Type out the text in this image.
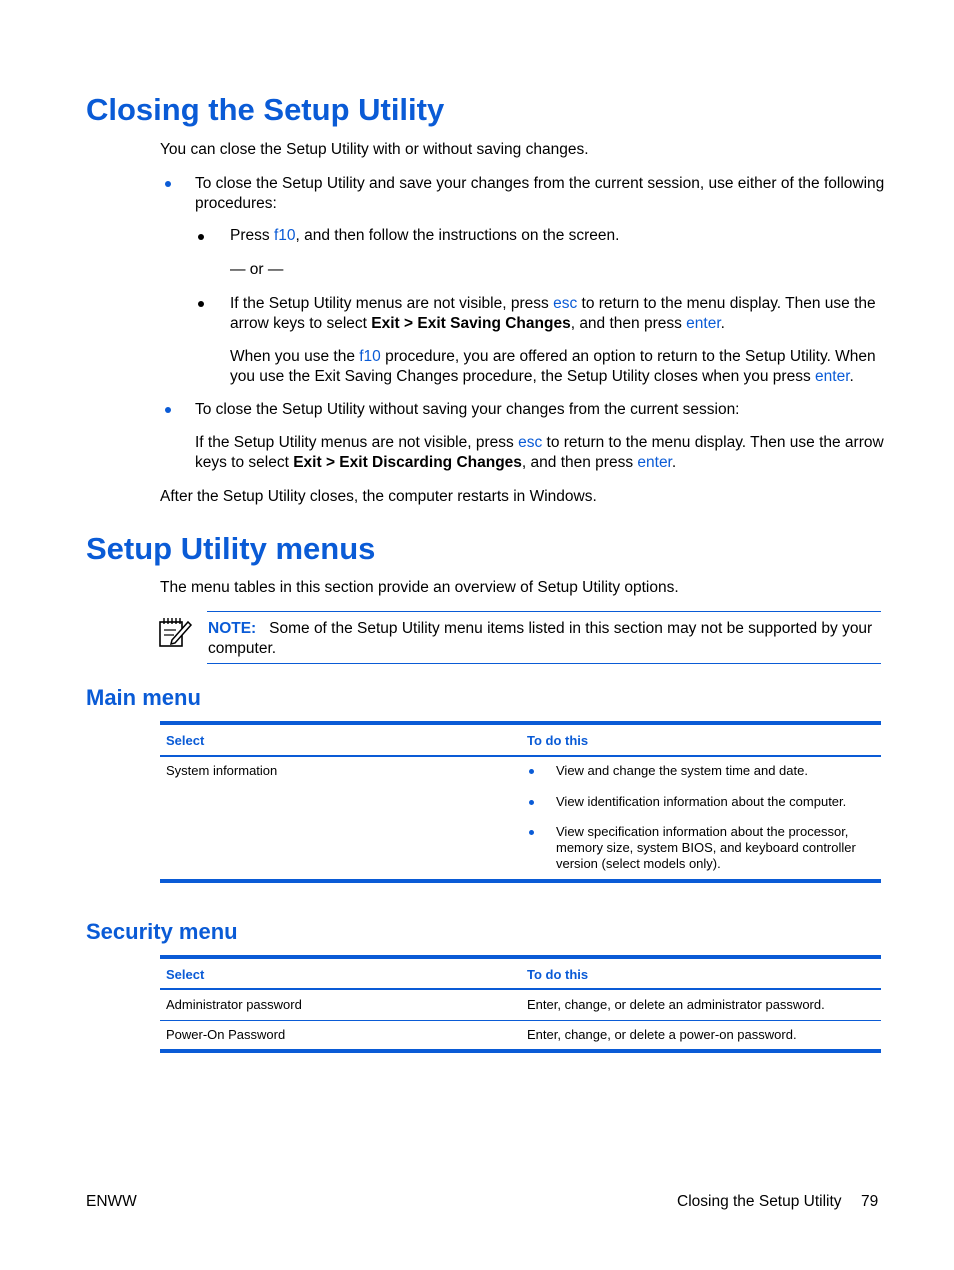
Closing the Setup Utility

You can close the Setup Utility with or without saving changes.

To close the Setup Utility and save your changes from the current session, use either of the following procedures:

Press f10, and then follow the instructions on the screen.

— or —

If the Setup Utility menus are not visible, press esc to return to the menu display. Then use the
arrow keys to select Exit > Exit Saving Changes, and then press enter.

When you use the f10 procedure, you are offered an option to return to the Setup Utility. When
you use the Exit Saving Changes procedure, the Setup Utility closes when you press enter.

To close the Setup Utility without saving your changes from the current session:

If the Setup Utility menus are not visible, press esc to return to the menu display. Then use the arrow
keys to select Exit > Exit Discarding Changes, and then press enter.

After the Setup Utility closes, the computer restarts in Windows.

Setup Utility menus

The menu tables in this section provide an overview of Setup Utility options.

NOTE: Some of the Setup Utility menu items listed in this section may not be supported by your
computer.

Main menu
Select	To do this
System information	View and change the system time and date.
View identification information about the computer.
View specification information about the processor,
memory size, system BIOS, and keyboard controller
version (select models only).
Security menu
Select	To do this
Administrator password	Enter, change, or delete an administrator password.
Power-On Password	Enter, change, or delete a power-on password.
ENWW	Closing the Setup Utility 79
